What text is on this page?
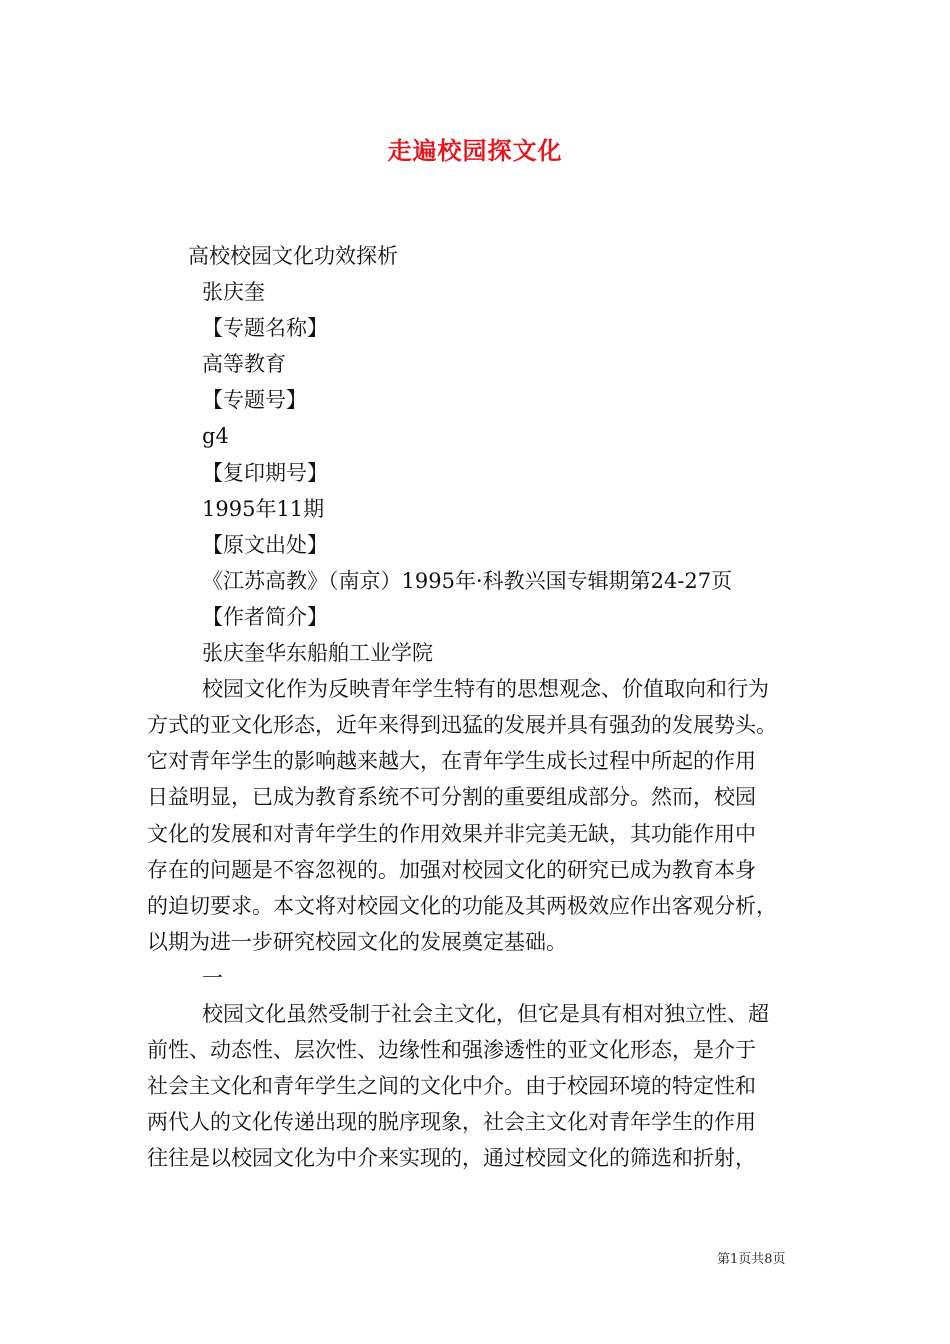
走遍校园探文化
高校校园文化功效探析
张庆奎
【专题名称】
高等教育
【专题号】
g4
【复印期号】
1995年11期
【原文出处】
《江苏高教》（南京）1995年·科教兴国专辑期第24-27页
【作者简介】
张庆奎华东船舶工业学院
校园文化作为反映青年学生特有的思想观念、价值取向和行为
方式的亚文化形态，近年来得到迅猛的发展并具有强劲的发展势头。
它对青年学生的影响越来越大，在青年学生成长过程中所起的作用
日益明显，已成为教育系统不可分割的重要组成部分。然而，校园
文化的发展和对青年学生的作用效果并非完美无缺，其功能作用中
存在的问题是不容忽视的。加强对校园文化的研究已成为教育本身
的迫切要求。本文将对校园文化的功能及其两极效应作出客观分析，
以期为进一步研究校园文化的发展奠定基础。
一
校园文化虽然受制于社会主文化，但它是具有相对独立性、超
前性、动态性、层次性、边缘性和强渗透性的亚文化形态，是介于
社会主文化和青年学生之间的文化中介。由于校园环境的特定性和
两代人的文化传递出现的脱序现象，社会主文化对青年学生的作用
往往是以校园文化为中介来实现的，通过校园文化的筛选和折射，
第1页共8页
